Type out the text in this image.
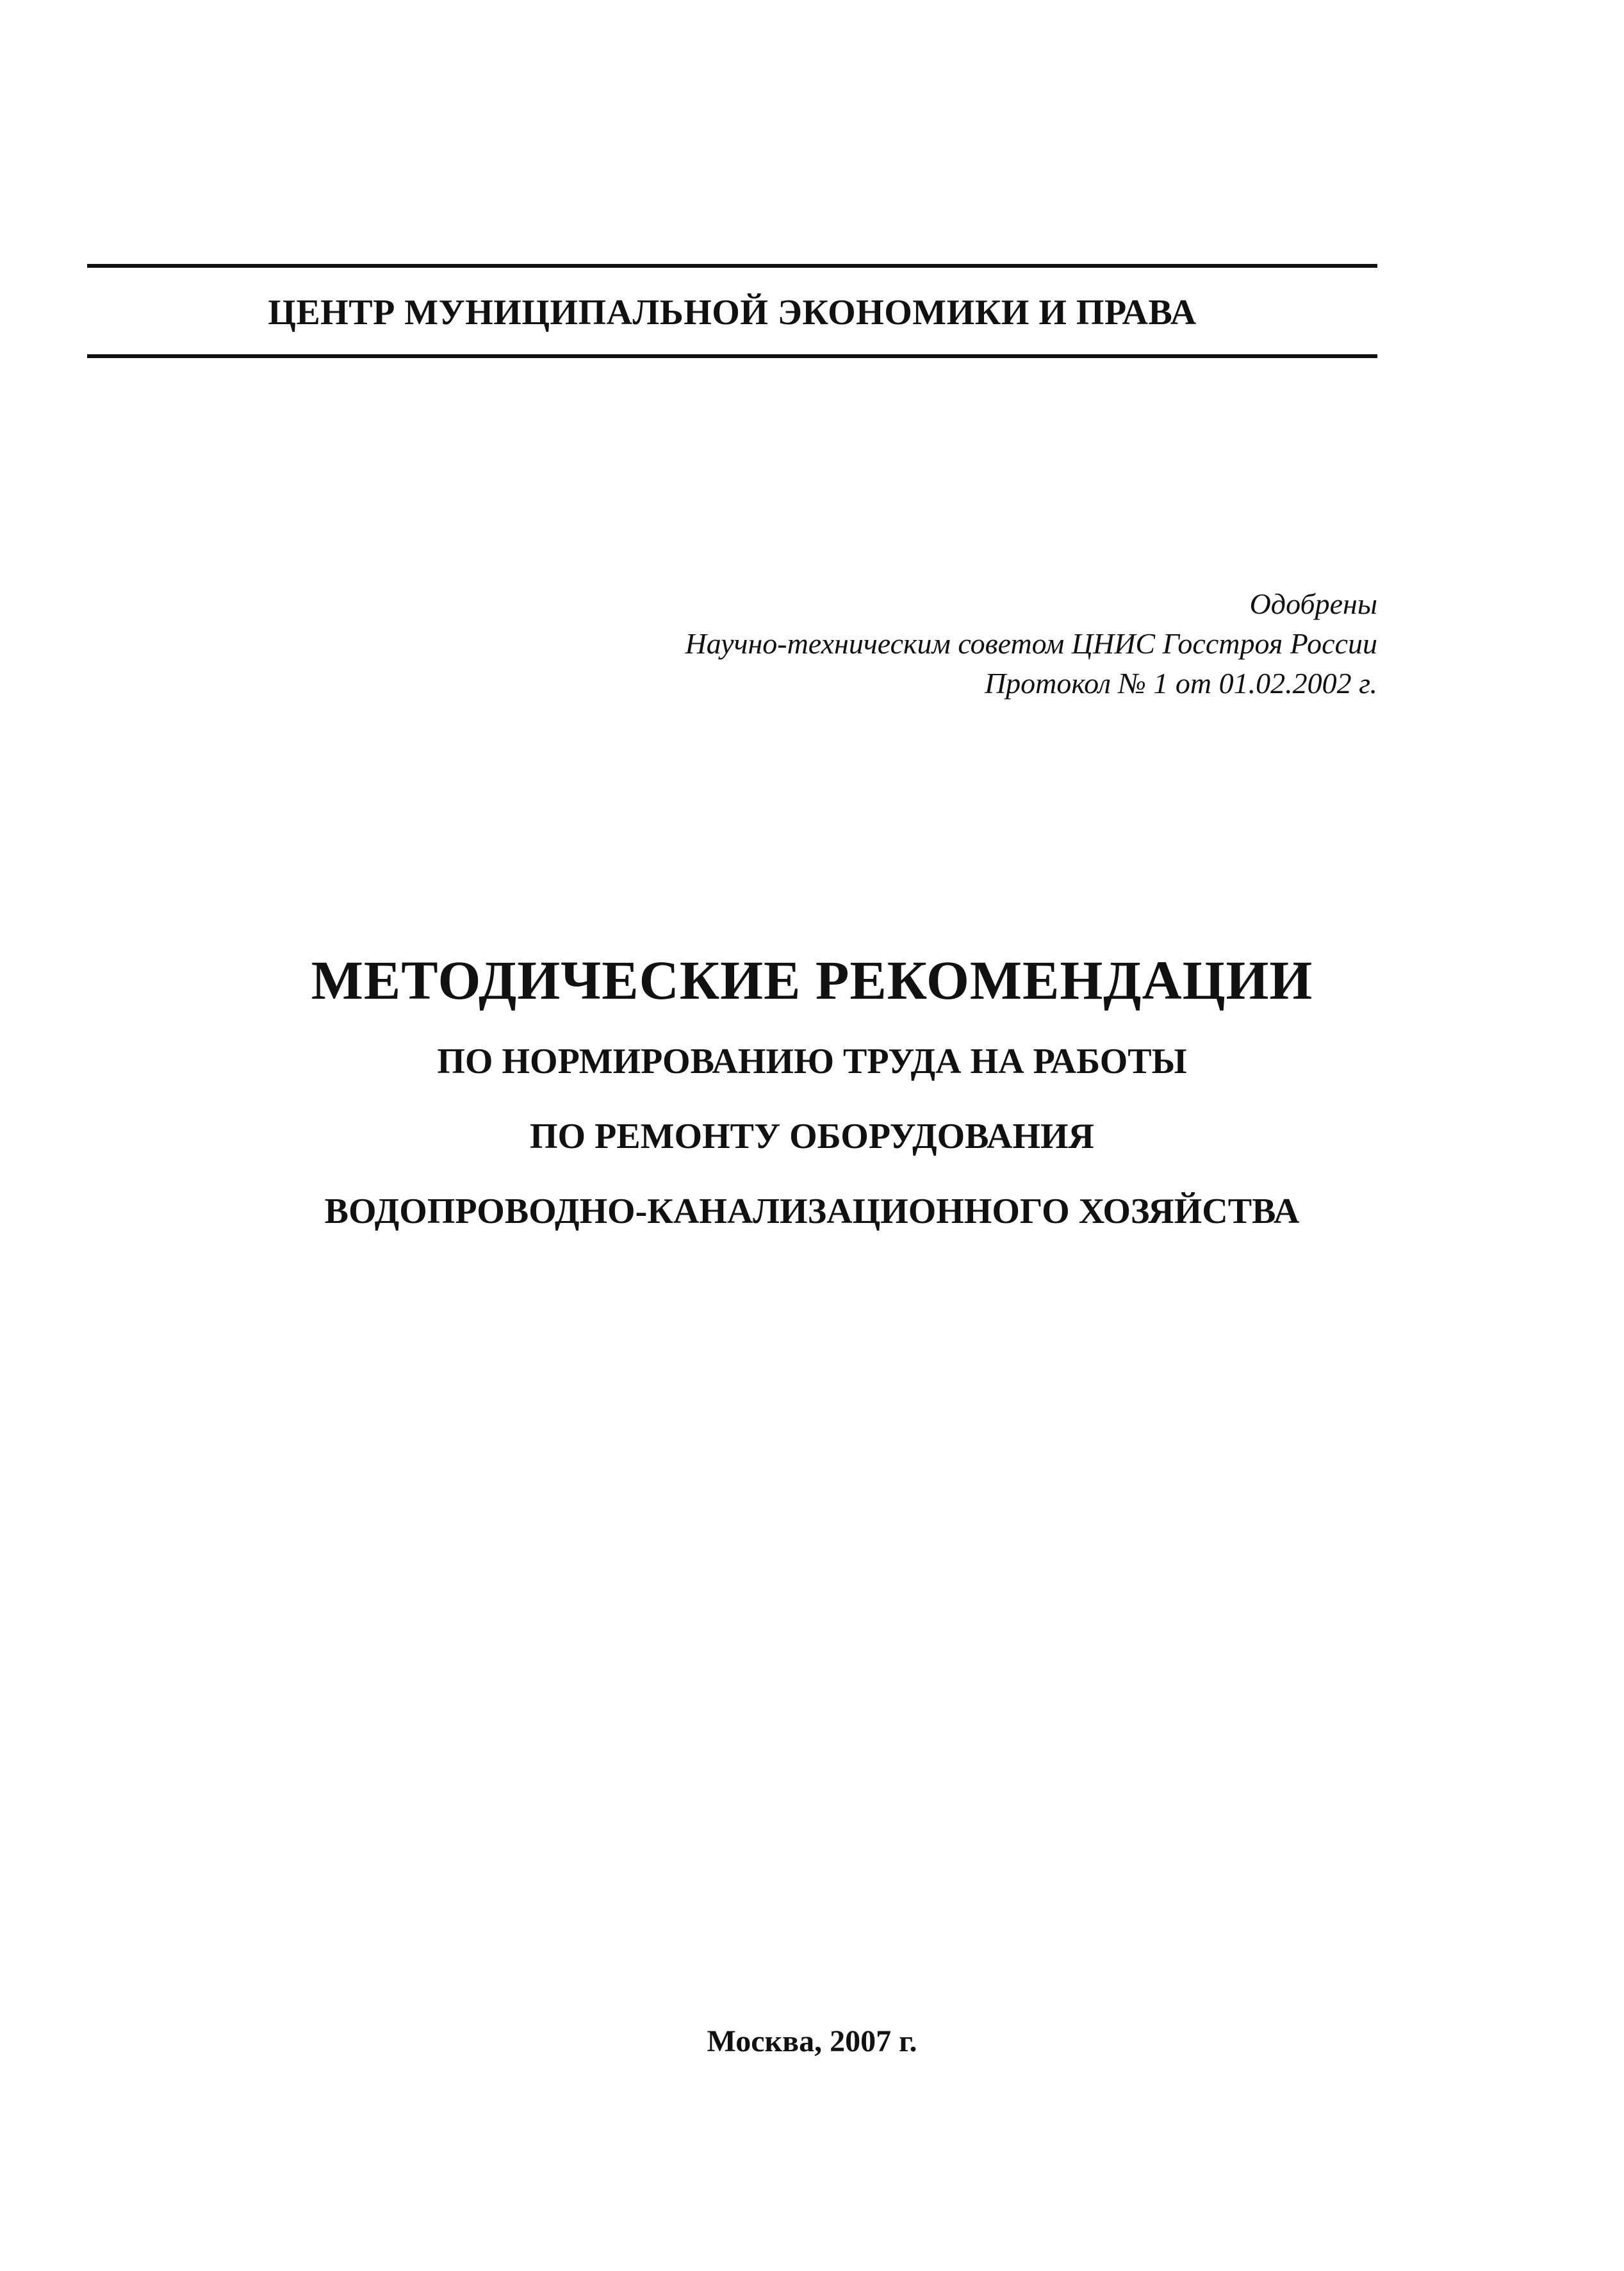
ЦЕНТР МУНИЦИПАЛЬНОЙ ЭКОНОМИКИ И ПРАВА
Одобрены
Научно-техническим советом ЦНИС Госстроя России
Протокол № 1 от 01.02.2002 г.
МЕТОДИЧЕСКИЕ РЕКОМЕНДАЦИИ
ПО НОРМИРОВАНИЮ ТРУДА НА РАБОТЫ
ПО РЕМОНТУ ОБОРУДОВАНИЯ
ВОДОПРОВОДНО-КАНАЛИЗАЦИОННОГО ХОЗЯЙСТВА
Москва, 2007 г.
